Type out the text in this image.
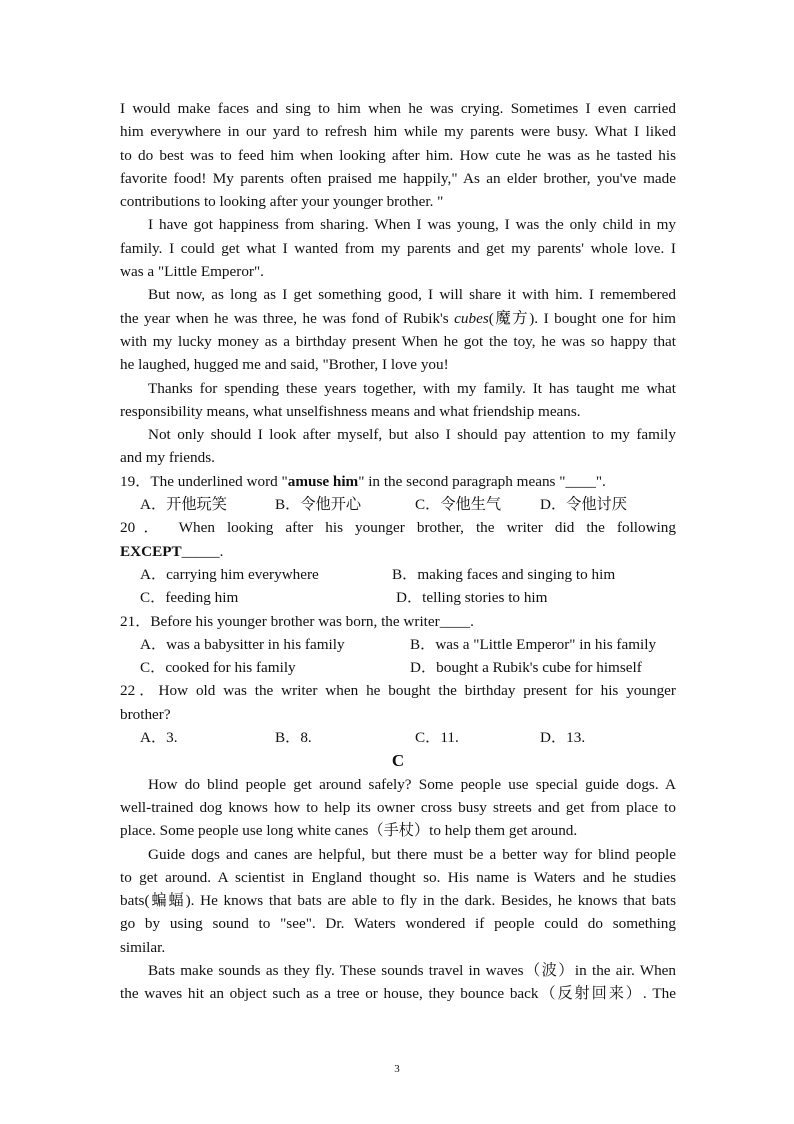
I would make faces and sing to him when he was crying. Sometimes I even carried
him everywhere in our yard to refresh him while my parents were busy. What I liked
to do best was to feed him when looking after him. How cute he was as he tasted his
favorite food! My parents often praised me happily," As an elder brother, you've made
contributions to looking after your younger brother. "
I have got happiness from sharing. When I was young, I was the only child in my
family. I could get what I wanted from my parents and get my parents' whole love. I
was a "Little Emperor".
But now, as long as I get something good, I will share it with him. I remembered
the year when he was three, he was fond of Rubik's cubes(魔方). I bought one for him
with my lucky money as a birthday present When he got the toy, he was so happy that
he laughed, hugged me and said, "Brother, I love you!
Thanks for spending these years together, with my family. It has taught me what
responsibility means, what unselfishness means and what friendship means.
Not only should I look after myself, but also I should pay attention to my family
and my friends.
19．The underlined word "amuse him" in the second paragraph means "____".
A．开他玩笑	B．令他开心	C．令他生气	D．令他讨厌
20． When looking after his younger brother, the writer did the following
EXCEPT_____.
A．carrying him everywhere	B．making faces and singing to him
C．feeding him	D．telling stories to him
21．Before his younger brother was born, the writer____.
A．was a babysitter in his family	B．was a "Little Emperor" in his family
C．cooked for his family	D．bought a Rubik's cube for himself
22．How old was the writer when he bought the birthday present for his younger
brother?
A．3.	B．8.	C．11.	D．13.
C
How do blind people get around safely? Some people use special guide dogs. A
well-trained dog knows how to help its owner cross busy streets and get from place to
place. Some people use long white canes（手杖）to help them get around.
Guide dogs and canes are helpful, but there must be a better way for blind people
to get around. A scientist in England thought so. His name is Waters and he studies
bats(蝙蝠). He knows that bats are able to fly in the dark. Besides, he knows that bats
go by using sound to "see". Dr. Waters wondered if people could do something
similar.
Bats make sounds as they fly. These sounds travel in waves（波）in the air. When
the waves hit an object such as a tree or house, they bounce back（反射回来）. The
3
